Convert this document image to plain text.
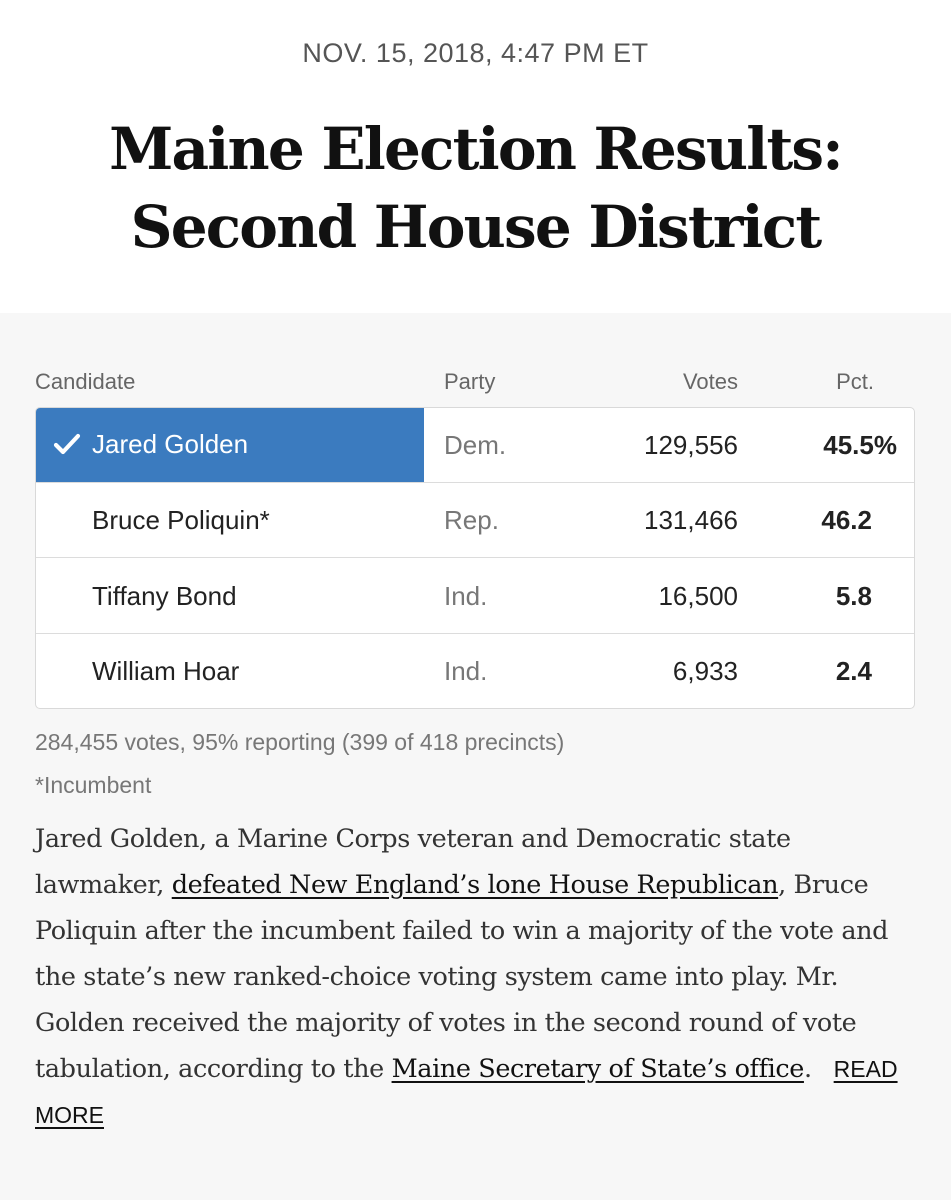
NOV. 15, 2018, 4:47 PM ET
Maine Election Results: Second House District
Candidate	Party	Votes	Pct.
Jared Golden	Dem.	129,556	45.5%
Bruce Poliquin*	Rep.	131,466	46.2
Tiffany Bond	Ind.	16,500	5.8
William Hoar	Ind.	6,933	2.4
284,455 votes, 95% reporting (399 of 418 precincts)
*Incumbent

Jared Golden, a Marine Corps veteran and Democratic state lawmaker, defeated New England’s lone House Republican, Bruce Poliquin after the incumbent failed to win a majority of the vote and the state’s new ranked-choice voting system came into play. Mr. Golden received the majority of votes in the second round of vote tabulation, according to the Maine Secretary of State’s office. READ MORE
